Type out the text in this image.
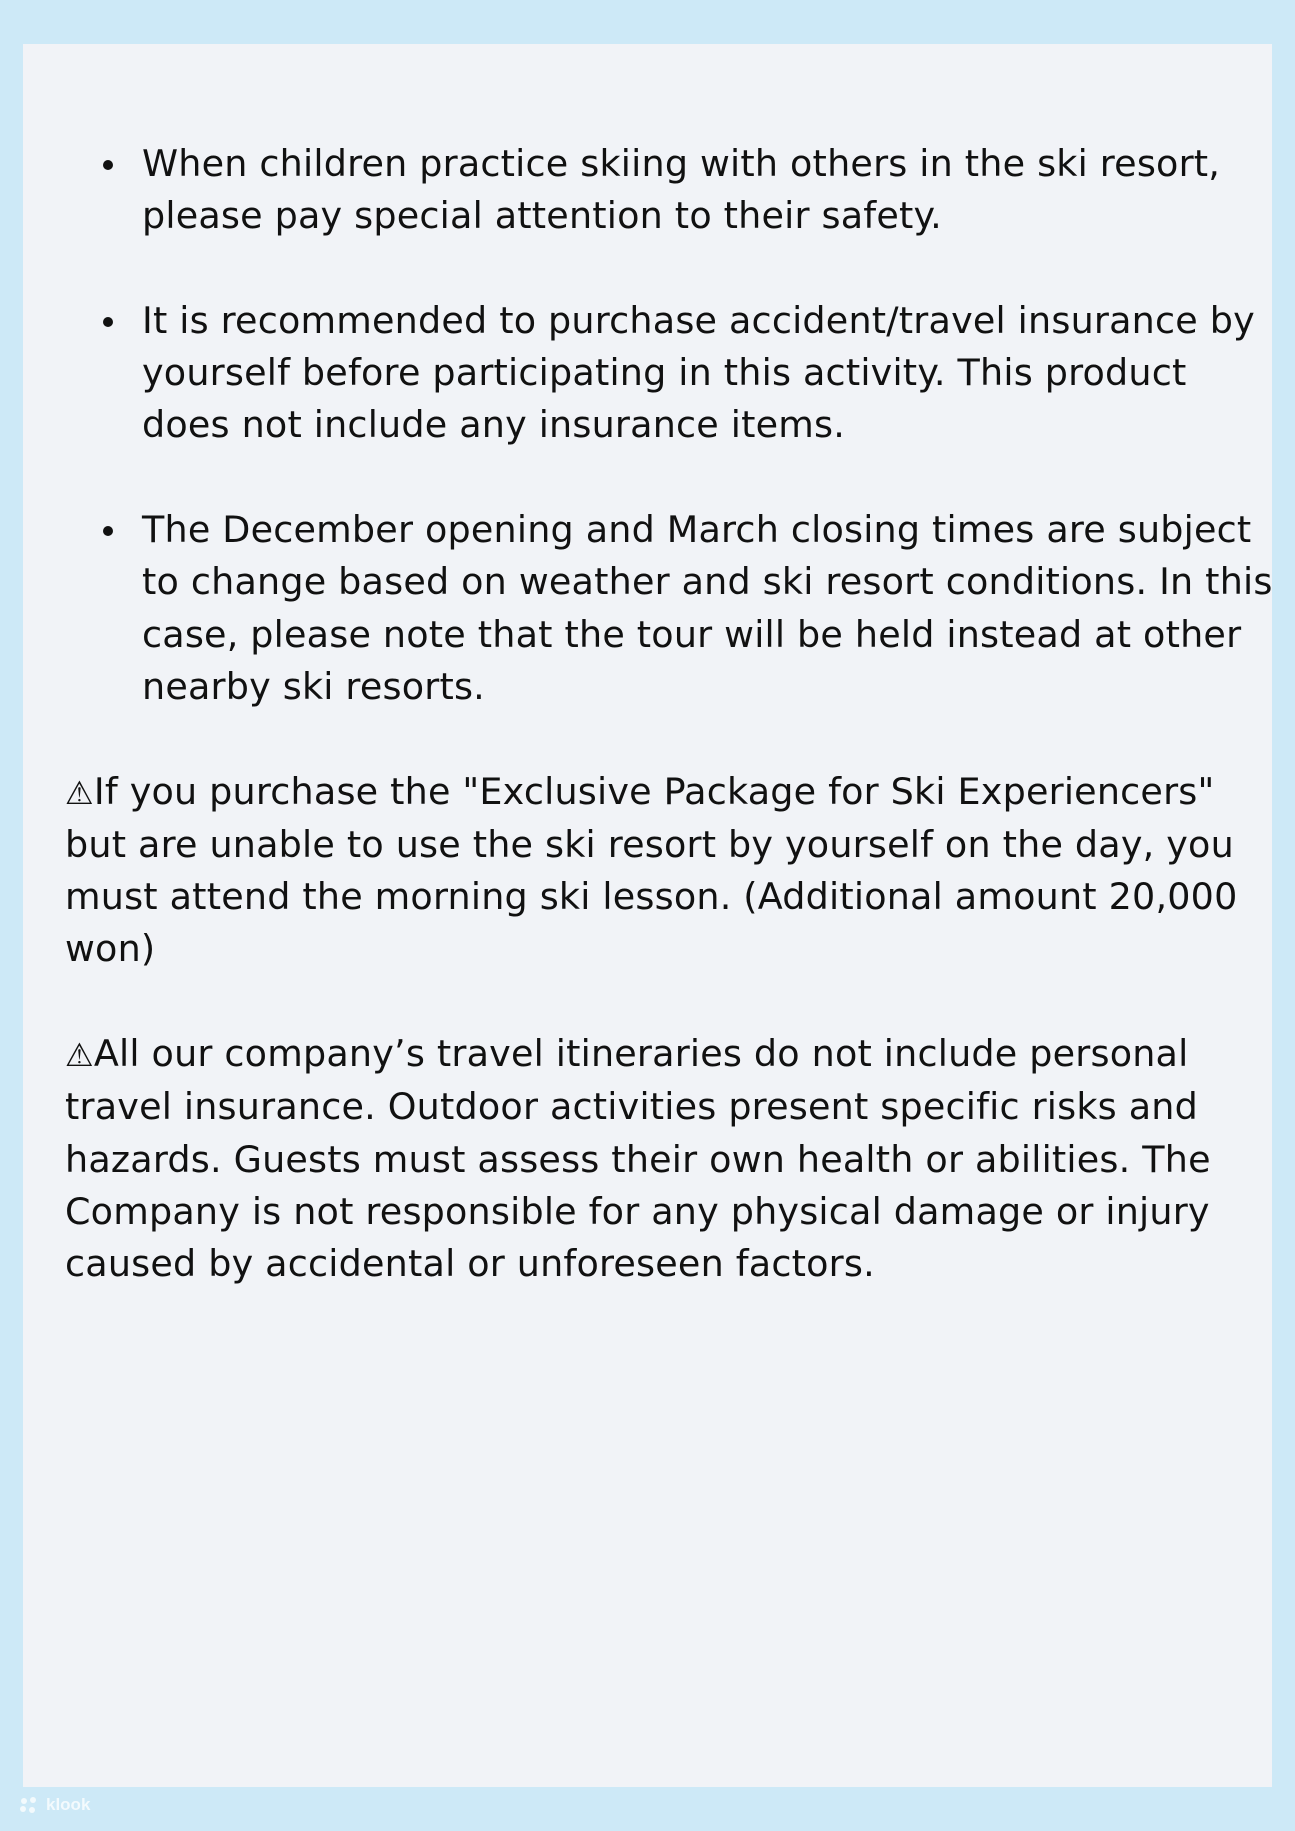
When children practice skiing with others in the ski resort, please pay special attention to their safety.
It is recommended to purchase accident/travel insurance by yourself before participating in this activity. This product does not include any insurance items.
The December opening and March closing times are subject to change based on weather and ski resort conditions. In this case, please note that the tour will be held instead at other nearby ski resorts.

⚠If you purchase the "Exclusive Package for Ski Experiencers" but are unable to use the ski resort by yourself on the day, you must attend the morning ski lesson. (Additional amount 20,000 won)

⚠All our company’s travel itineraries do not include personal travel insurance. Outdoor activities present specific risks and hazards. Guests must assess their own health or abilities. The Company is not responsible for any physical damage or injury caused by accidental or unforeseen factors.

klook
